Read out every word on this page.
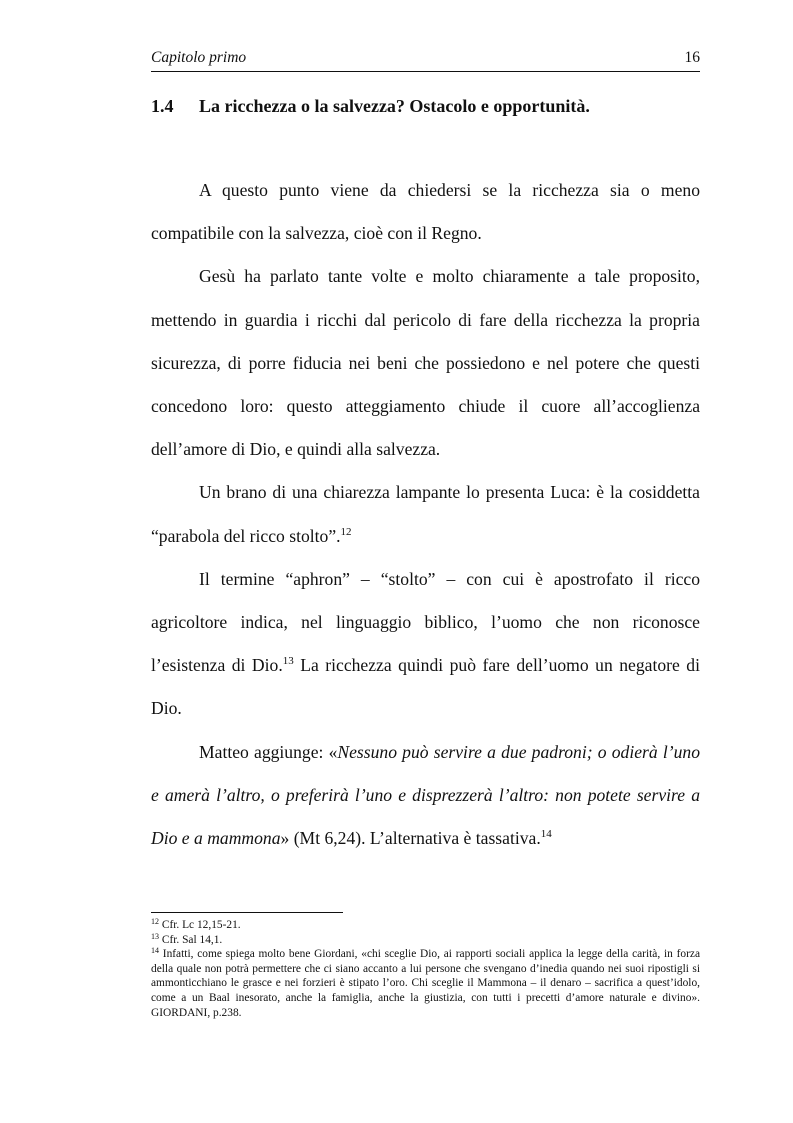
Capitolo primo	16
1.4 La ricchezza o la salvezza? Ostacolo e opportunità.

A questo punto viene da chiedersi se la ricchezza sia o meno compatibile con la salvezza, cioè con il Regno.

Gesù ha parlato tante volte e molto chiaramente a tale proposito, mettendo in guardia i ricchi dal pericolo di fare della ricchezza la propria sicurezza, di porre fiducia nei beni che possiedono e nel potere che questi concedono loro: questo atteggiamento chiude il cuore all’accoglienza dell’amore di Dio, e quindi alla salvezza.

Un brano di una chiarezza lampante lo presenta Luca: è la cosiddetta “parabola del ricco stolto”.$^{12}$

Il termine “aphron” – “stolto” – con cui è apostrofato il ricco agricoltore indica, nel linguaggio biblico, l’uomo che non riconosce l’esistenza di Dio.$^{13}$ La ricchezza quindi può fare dell’uomo un negatore di Dio.

Matteo aggiunge: «Nessuno può servire a due padroni; o odierà l’uno e amerà l’altro, o preferirà l’uno e disprezzerà l’altro: non potete servire a Dio e a mammona» (Mt 6,24). L’alternativa è tassativa.$^{14}$

$^{12}$ Cfr. Lc 12,15-21.

$^{13}$ Cfr. Sal 14,1.

$^{14}$ Infatti, come spiega molto bene Giordani, «chi sceglie Dio, ai rapporti sociali applica la legge della carità, in forza della quale non potrà permettere che ci siano accanto a lui persone che svengano d’inedia quando nei suoi ripostigli si ammonticchiano le grasce e nei forzieri è stipato l’oro. Chi sceglie il Mammona – il denaro – sacrifica a quest’idolo, come a un Baal inesorato, anche la famiglia, anche la giustizia, con tutti i precetti d’amore naturale e divino». GIORDANI, p.238.
